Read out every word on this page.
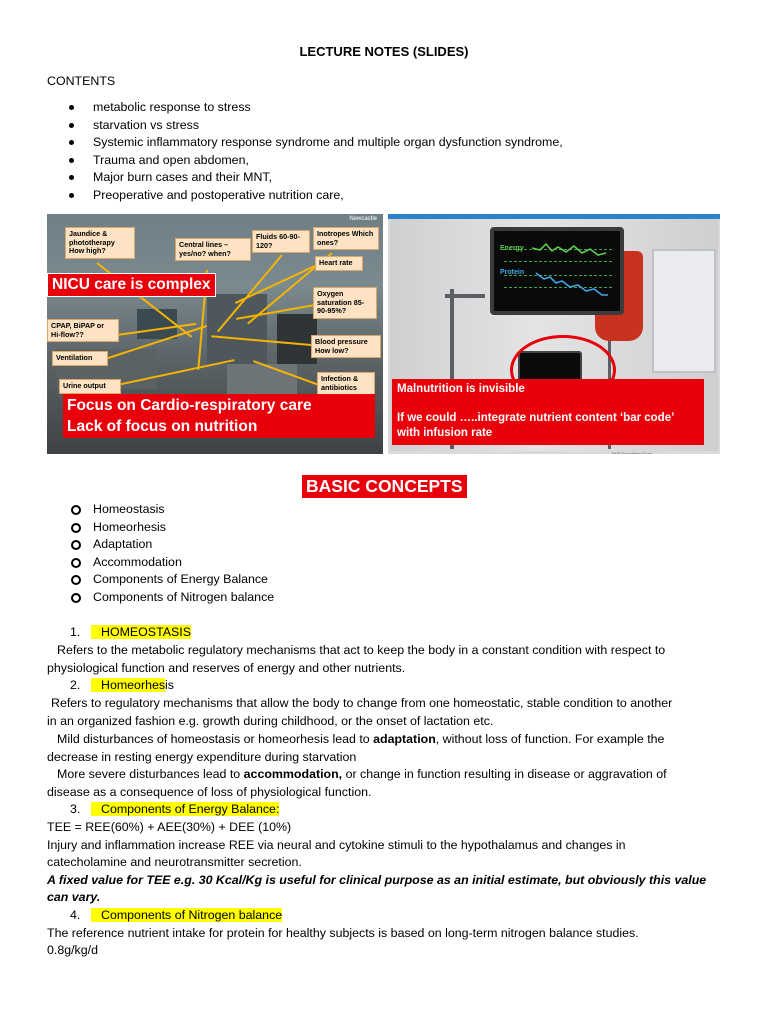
LECTURE NOTES (SLIDES)
CONTENTS
metabolic response to stress
starvation vs stress
Systemic inflammatory response syndrome and multiple organ dysfunction syndrome,
Trauma and open abdomen,
Major burn cases and their MNT,
Preoperative and postoperative nutrition care,
Newcastle
Jaundice & phototherapy How high?
Central lines – yes/no? when?
Fluids 60-90-120?
Inotropes Which ones?
Heart rate
Oxygen saturation 85-90-95%?
CPAP, BiPAP or Hi-flow??
Ventilation
Blood pressure How low?
Urine output
Infection & antibiotics
NICU care is complex
Focus on Cardio-respiratory care
Lack of focus on nutrition
Energy
Protein
Malnutrition is invisible
If we could …..integrate nutrient content ‘bar code’ with infusion rate
NHS Foundation Trust
BASIC CONCEPTS
Homeostasis
Homeorhesis
Adaptation
Accommodation
Components of Energy Balance
Components of Nitrogen balance
1. HOMEOSTASIS
Refers to the metabolic regulatory mechanisms that act to keep the body in a constant condition with respect to
physiological function and reserves of energy and other nutrients.
2. Homeorhesis
Refers to regulatory mechanisms that allow the body to change from one homeostatic, stable condition to another
in an organized fashion e.g. growth during childhood, or the onset of lactation etc.
Mild disturbances of homeostasis or homeorhesis lead to adaptation, without loss of function. For example the
decrease in resting energy expenditure during starvation
More severe disturbances lead to accommodation, or change in function resulting in disease or aggravation of
disease as a consequence of loss of physiological function.
3. Components of Energy Balance:
TEE = REE(60%) + AEE(30%) + DEE (10%)
Injury and inflammation increase REE via neural and cytokine stimuli to the hypothalamus and changes in
catecholamine and neurotransmitter secretion.
A fixed value for TEE e.g. 30 Kcal/Kg is useful for clinical purpose as an initial estimate, but obviously this value
can vary.
4. Components of Nitrogen balance
The reference nutrient intake for protein for healthy subjects is based on long-term nitrogen balance studies.
0.8g/kg/d
